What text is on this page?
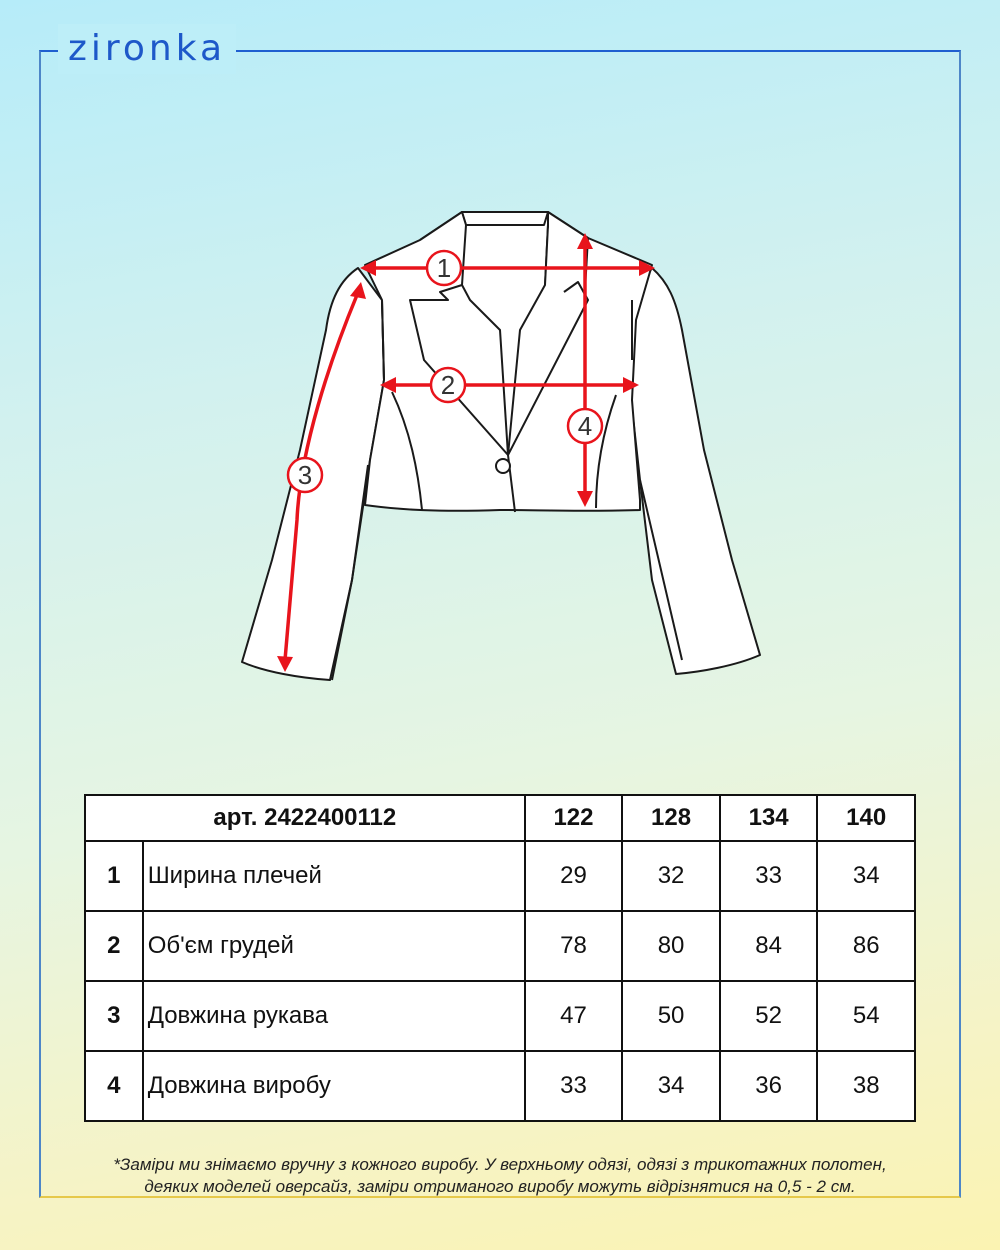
zironka
1
2
3
4
арт. 2422400112		122	128	134	140
1	Ширина плечей	29	32	33	34
2	Об'єм грудей	78	80	84	86
3	Довжина рукава	47	50	52	54
4	Довжина виробу	33	34	36	38
*Заміри ми знімаємо вручну з кожного виробу. У верхньому одязі, одязі з трикотажних полотен,
деяких моделей оверсайз, заміри отриманого виробу можуть відрізнятися на 0,5 - 2 см.
